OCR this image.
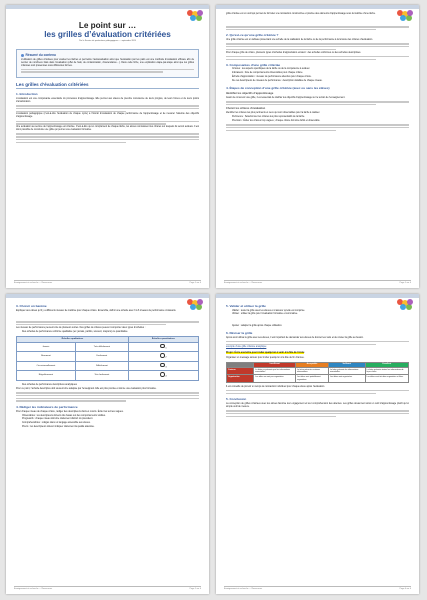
Le point sur …
les grilles d’évaluation critériées
Par le Service de productions pédagogiques — septembre 2024
Résumé du contenu

L’utilisation de grilles critériées pour évaluer les tâches et permettre l’autoévaluation ainsi que l’évaluation par les pairs est une méthode d’évaluation efficace afin de centrer de nombreux biais dans l’évaluation (effet de halo, de contamination, d’ascendance…). Dans cette fiche, une explication étape-par-étape ainsi que les grilles critériées sont présentées sous différentes formes.

Les grilles d’évaluation critériées
1. Introduction

L’évaluation est une composante essentielle du processus d’apprentissage. Elle permet aux élèves de prendre conscience de leurs progrès, de leurs forces et de leurs points d’amélioration.

L’évaluation pédagogique (c’est-à-dire l’évaluation de chaque cycle) a l’intérêt d’évaluation de chaque performance de l’apprentissage et de mesurer l’atteinte des objectifs d’apprentissage.

Une évaluation au service de l’apprentissage est critériée. C’est-à-dire qu’en complément de chaque tâche, les élèves connaissent les critères sur lesquels ils seront évalués. Il est donc possible de construire une grille qui permet une évaluation formative.

Enseignement et recherche — Ressources	Page 1 sur 4

grille critériée est un outil qui permet de formuler une rétroaction constructive et précise des éléments d’apprentissage sous la maîtrise d’une tâche.

2. Qu’est-ce qu’une grille critériée ?

Une grille critériée est un tableau présentant une échelle de la réalisation de la tâche ou de la performance à la lumière des critères d’évaluation.

Pour chaque grille de critère, plusieurs types d’échelles d’appréciation existent : des échelles uniformes ou des échelles descriptives.

3. Composantes d’une grille critériée
• Critères : les aspects spécifiques de la tâche ou de la compétence à évaluer.
• Indicateurs : liste de comportements observables pour chaque critère.
• Échelle d’appréciation : niveaux de performance attendus pour chaque critère.
• De ces descripteurs de niveaux de performance : description détaillée de chaque niveau.
4. Étapes de conception d’une grille critériée (avec ou sans les élèves)
Identifier les objectifs d’apprentissage

Avant de concevoir une grille, il est essentiel de clarifier les objectifs d’apprentissage sur le terrain de l’enseignement.

Choisir les critères d’évaluation

Identifier les critères les plus pertinents et ceux qui sont observables pour la tâche à réaliser.

• Pertinence : Sélectionner les critères les plus représentatifs de la tâche.
• Précision : Éviter les critères trop vagues ; chaque critère doit être défini et observable.
Enseignement et recherche — Ressources	Page 1 sur 4
3. Choisir un barème

Expliquer aux élèves qu’il y a différents niveaux de maîtrise pour chaque critère. Ensemble, définir une échelle avec 3 à 6 niveaux de performance croissants.

Les niveaux de performance peuvent être de plusieurs sortes. Des grilles de critères peuvent comporter deux types d’échelles :

• Des échelles de performance uniforme qualitative (ex: jamais, parfois, souvent, toujours) ou quantitative.
Échelles qualitatives		Échelles quantitatives
Jamais	Très difficilement	1
Rarement	Facilement	2
Occasionnellement	Difficilement	3
Régulièrement	Très facilement	4
• Des échelles de performance descriptives analytiques

Pour ce point, l’échelle descriptive doit souvent être adaptée par l’enseignant. Elle est plus précise et donne une évaluation plus formative.

4. Rédiger les indicateurs de performance

Pour chaque niveau de chaque critère, rédiger des descripteurs clairs et concis. Éviter les termes vagues.

• Observables : les descripteurs doivent être basés sur des comportements visibles.
• Progressifs : chaque niveau doit être clairement distinct du précédent.
• Compréhensibles : rédigés dans un langage accessible aux élèves.
• Précis : les descripteurs doivent indiquer clairement la qualité attendue.
Enseignement et recherche — Ressources	Page 1 sur 4
5. Valider et utiliser la grille
• Valider : tester la grille avec les élèves et s’assurer qu’elle est comprise.
• Utiliser : utiliser la grille pour l’évaluation formative et sommative.
• Ajuster : adapter la grille après chaque utilisation.
6. Réviser la grille

Après avoir utilisé la grille avec ses élèves, il est important de demander aux élèves de donner leur avis et de réviser la grille au besoin.

exemple d’une grille critériée analytique

Projet : Écris une lettre pour inviter quelqu’un à venir à la fête de l’école

Organiser un message sérieux pour inviter quelqu’un à la fête de fin d’année.

	Insuffisant	Acceptable	Suffisant	Excellent
Contenu	La lettre ne présente pas les informations essentielles.	La lettre présente certaines informations.	La lettre présente les informations essentielles.	La lettre présente toutes les informations de façon claire.
Organisation	Les idées ne sont pas organisées.	Les idées sont partiellement organisées.	Les idées sont organisées.	Les idées sont très bien organisées et liées.

Il est conseillé de prévoir un temps de rétroaction individuel pour chaque élève après l’évaluation.

5. Conclusion

La conception de grilles critériées avec les élèves favorise leur engagement et leur compréhension des attentes. Les grilles deviennent ainsi un outil d’apprentissage plutôt qu’un simple outil de mesure.

Enseignement et recherche — Ressources	Page 4 sur 4
